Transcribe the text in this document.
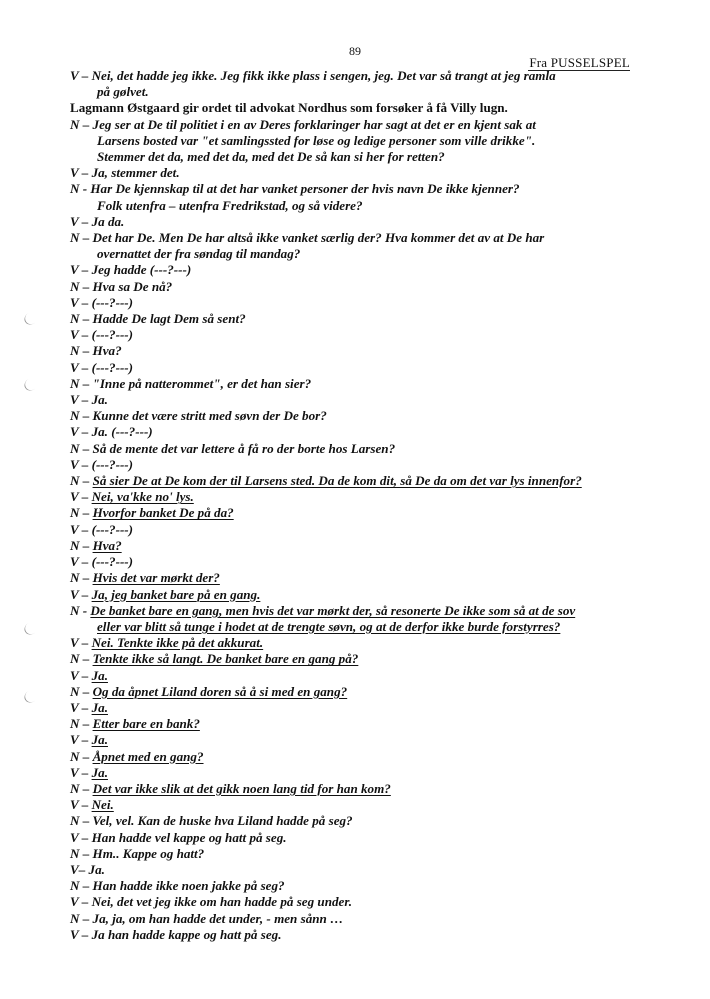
89
Fra PUSSELSPEL
V – Nei, det hadde jeg ikke. Jeg fikk ikke plass i sengen, jeg. Det var så trangt at jeg ramla
på gølvet.
Lagmann Østgaard gir ordet til advokat Nordhus som forsøker å få Villy lugn.
N – Jeg ser at De til politiet i en av Deres forklaringer har sagt at det er en kjent sak at
Larsens bosted var "et samlingssted for løse og ledige personer som ville drikke".
Stemmer det da, med det da, med det De så kan si her for retten?
V – Ja, stemmer det.
N - Har De kjennskap til at det har vanket personer der hvis navn De ikke kjenner?
Folk utenfra – utenfra Fredrikstad, og så videre?
V – Ja da.
N – Det har De. Men De har altså ikke vanket særlig der? Hva kommer det av at De har
overnattet der fra søndag til mandag?
V – Jeg hadde (---?---)
N – Hva sa De nå?
V – (---?---)
N – Hadde De lagt Dem så sent?
V – (---?---)
N – Hva?
V – (---?---)
N – "Inne på natterommet", er det han sier?
V – Ja.
N – Kunne det være stritt med søvn der De bor?
V – Ja. (---?---)
N – Så de mente det var lettere å få ro der borte hos Larsen?
V – (---?---)
N – Så sier De at De kom der til Larsens sted. Da de kom dit, så De da om det var lys innenfor?
V – Nei, va'kke no' lys.
N – Hvorfor banket De på da?
V – (---?---)
N – Hva?
V – (---?---)
N – Hvis det var mørkt der?
V – Ja, jeg banket bare på en gang.
N - De banket bare en gang, men hvis det var mørkt der, så resonerte De ikke som så at de sov
eller var blitt så tunge i hodet at de trengte søvn, og at de derfor ikke burde forstyrres?
V – Nei. Tenkte ikke på det akkurat.
N – Tenkte ikke så langt. De banket bare en gang på?
V – Ja.
N – Og da åpnet Liland doren så å si med en gang?
V – Ja.
N – Etter bare en bank?
V – Ja.
N – Åpnet med en gang?
V – Ja.
N – Det var ikke slik at det gikk noen lang tid for han kom?
V – Nei.
N – Vel, vel. Kan de huske hva Liland hadde på seg?
V – Han hadde vel kappe og hatt på seg.
N – Hm.. Kappe og hatt?
V– Ja.
N – Han hadde ikke noen jakke på seg?
V – Nei, det vet jeg ikke om han hadde på seg under.
N – Ja, ja, om han hadde det under, - men sånn …
V – Ja han hadde kappe og hatt på seg.
